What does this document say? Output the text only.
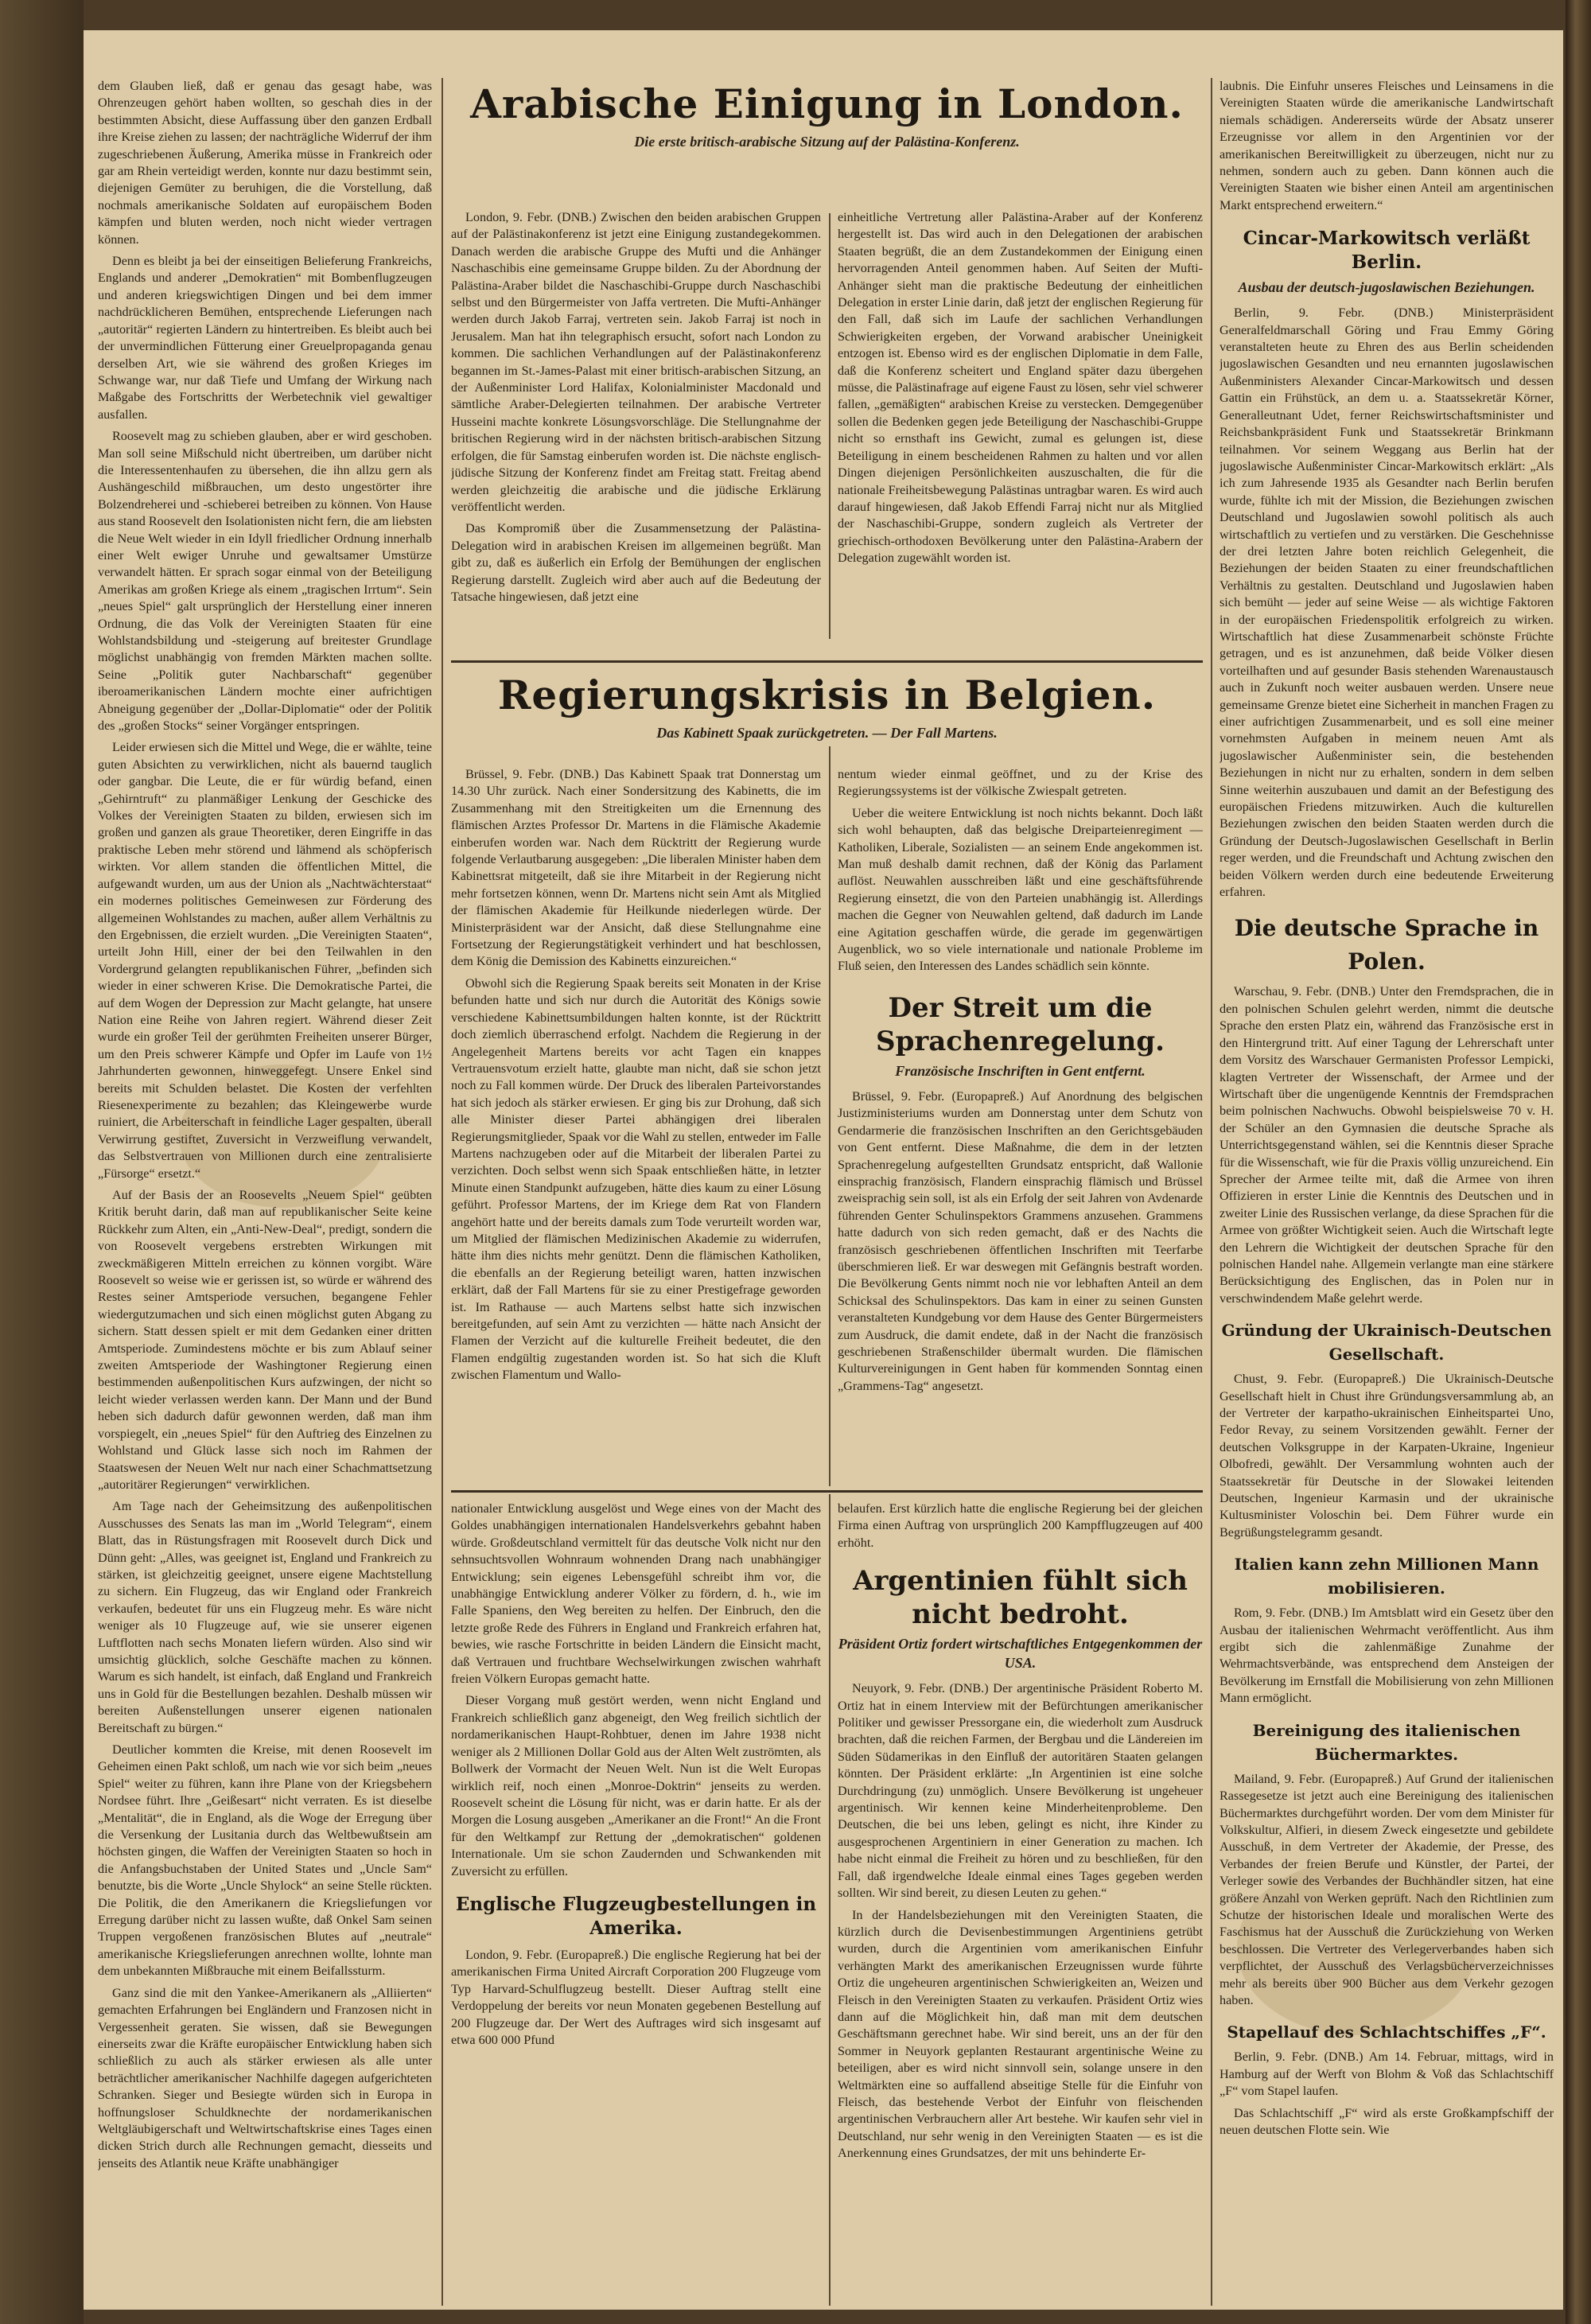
dem Glauben ließ, daß er genau das gesagt habe, was Ohrenzeugen gehört haben wollten, so geschah dies in der bestimmten Absicht, diese Auffassung über den ganzen Erdball ihre Kreise ziehen zu lassen; der nachträgliche Widerruf der ihm zugeschriebenen Äußerung, Amerika müsse in Frankreich oder gar am Rhein verteidigt werden, konnte nur dazu bestimmt sein, diejenigen Gemüter zu beruhigen, die die Vorstellung, daß nochmals amerikanische Soldaten auf europäischem Boden kämpfen und bluten werden, noch nicht wieder vertragen können.

Denn es bleibt ja bei der einseitigen Belieferung Frankreichs, Englands und anderer „Demokratien“ mit Bombenflugzeugen und anderen kriegswichtigen Dingen und bei dem immer nachdrücklicheren Bemühen, entsprechende Lieferungen nach „autoritär“ regierten Ländern zu hintertreiben. Es bleibt auch bei der unvermindlichen Fütterung einer Greuelpropaganda genau derselben Art, wie sie während des großen Krieges im Schwange war, nur daß Tiefe und Umfang der Wirkung nach Maßgabe des Fortschritts der Werbetechnik viel gewaltiger ausfallen.

Roosevelt mag zu schieben glauben, aber er wird geschoben. Man soll seine Mißschuld nicht übertreiben, um darüber nicht die Interessentenhaufen zu übersehen, die ihn allzu gern als Aushängeschild mißbrauchen, um desto ungestörter ihre Bolzendreherei und -schieberei betreiben zu können. Von Hause aus stand Roosevelt den Isolationisten nicht fern, die am liebsten die Neue Welt wieder in ein Idyll friedlicher Ordnung innerhalb einer Welt ewiger Unruhe und gewaltsamer Umstürze verwandelt hätten. Er sprach sogar einmal von der Beteiligung Amerikas am großen Kriege als einem „tragischen Irrtum“. Sein „neues Spiel“ galt ursprünglich der Herstellung einer inneren Ordnung, die das Volk der Vereinigten Staaten für eine Wohlstandsbildung und -steigerung auf breitester Grundlage möglichst unabhängig von fremden Märkten machen sollte. Seine „Politik guter Nachbarschaft“ gegenüber iberoamerikanischen Ländern mochte einer aufrichtigen Abneigung gegenüber der „Dollar-Diplomatie“ oder der Politik des „großen Stocks“ seiner Vorgänger entspringen.

Leider erwiesen sich die Mittel und Wege, die er wählte, teine guten Absichten zu verwirklichen, nicht als bauernd tauglich oder gangbar. Die Leute, die er für würdig befand, einen „Gehirntruft“ zu planmäßiger Lenkung der Geschicke des Volkes der Vereinigten Staaten zu bilden, erwiesen sich im großen und ganzen als graue Theoretiker, deren Eingriffe in das praktische Leben mehr störend und lähmend als schöpferisch wirkten. Vor allem standen die öffentlichen Mittel, die aufgewandt wurden, um aus der Union als „Nachtwächterstaat“ ein modernes politisches Gemeinwesen zur Förderung des allgemeinen Wohlstandes zu machen, außer allem Verhältnis zu den Ergebnissen, die erzielt wurden. „Die Vereinigten Staaten“, urteilt John Hill, einer der bei den Teilwahlen in den Vordergrund gelangten republikanischen Führer, „befinden sich wieder in einer schweren Krise. Die Demokratische Partei, die auf dem Wogen der Depression zur Macht gelangte, hat unsere Nation eine Reihe von Jahren regiert. Während dieser Zeit wurde ein großer Teil der gerühmten Freiheiten unserer Bürger, um den Preis schwerer Kämpfe und Opfer im Laufe von 1½ Jahrhunderten gewonnen, hinweggefegt. Unsere Enkel sind bereits mit Schulden belastet. Die Kosten der verfehlten Riesenexperimente zu bezahlen; das Kleingewerbe wurde ruiniert, die Arbeiterschaft in feindliche Lager gespalten, überall Verwirrung gestiftet, Zuversicht in Verzweiflung verwandelt, das Selbstvertrauen von Millionen durch eine zentralisierte „Fürsorge“ ersetzt.“

Auf der Basis der an Roosevelts „Neuem Spiel“ geübten Kritik beruht darin, daß man auf republikanischer Seite keine Rückkehr zum Alten, ein „Anti-New-Deal“, predigt, sondern die von Roosevelt vergebens erstrebten Wirkungen mit zweckmäßigeren Mitteln erreichen zu können vorgibt. Wäre Roosevelt so weise wie er gerissen ist, so würde er während des Restes seiner Amtsperiode versuchen, begangene Fehler wiedergutzumachen und sich einen möglichst guten Abgang zu sichern. Statt dessen spielt er mit dem Gedanken einer dritten Amtsperiode. Zumindestens möchte er bis zum Ablauf seiner zweiten Amtsperiode der Washingtoner Regierung einen bestimmenden außenpolitischen Kurs aufzwingen, der nicht so leicht wieder verlassen werden kann. Der Mann und der Bund heben sich dadurch dafür gewonnen werden, daß man ihm vorspiegelt, ein „neues Spiel“ für den Auftrieg des Einzelnen zu Wohlstand und Glück lasse sich noch im Rahmen der Staatswesen der Neuen Welt nur nach einer Schachmattsetzung „autoritärer Regierungen“ verwirklichen.

Am Tage nach der Geheimsitzung des außenpolitischen Ausschusses des Senats las man im „World Telegram“, einem Blatt, das in Rüstungsfragen mit Roosevelt durch Dick und Dünn geht: „Alles, was geeignet ist, England und Frankreich zu stärken, ist gleichzeitig geeignet, unsere eigene Machtstellung zu sichern. Ein Flugzeug, das wir England oder Frankreich verkaufen, bedeutet für uns ein Flugzeug mehr. Es wäre nicht weniger als 10 Flugzeuge auf, wie sie unserer eigenen Luftflotten nach sechs Monaten liefern würden. Also sind wir umsichtig glücklich, solche Geschäfte machen zu können. Warum es sich handelt, ist einfach, daß England und Frankreich uns in Gold für die Bestellungen bezahlen. Deshalb müssen wir bereiten Außenstellungen unserer eigenen nationalen Bereitschaft zu bürgen.“

Deutlicher kommten die Kreise, mit denen Roosevelt im Geheimen einen Pakt schloß, um nach wie vor sich beim „neues Spiel“ weiter zu führen, kann ihre Plane von der Kriegsbehern Nordsee führt. Ihre „Geißesart“ nicht verraten. Es ist dieselbe „Mentalität“, die in England, als die Woge der Erregung über die Versenkung der Lusitania durch das Weltbewußtsein am höchsten gingen, die Waffen der Vereinigten Staaten so hoch in die Anfangsbuchstaben der United States und „Uncle Sam“ benutzte, bis die Worte „Uncle Shylock“ an seine Stelle rückten. Die Politik, die den Amerikanern die Kriegsliefungen vor Erregung darüber nicht zu lassen wußte, daß Onkel Sam seinen Truppen vergoßenen französischen Blutes auf „neutrale“ amerikanische Kriegslieferungen anrechnen wollte, lohnte man dem unbekannten Mißbrauche mit einem Beifallssturm.

Ganz sind die mit den Yankee-Amerikanern als „Alliierten“ gemachten Erfahrungen bei Engländern und Franzosen nicht in Vergessenheit geraten. Sie wissen, daß sie Bewegungen einerseits zwar die Kräfte europäischer Entwicklung haben sich schließlich zu auch als stärker erwiesen als alle unter beträchtlicher amerikanischer Nachhilfe dagegen aufgerichteten Schranken. Sieger und Besiegte würden sich in Europa in hoffnungsloser Schuldknechte der nordamerikanischen Weltgläubigerschaft und Weltwirtschaftskrise eines Tages einen dicken Strich durch alle Rechnungen gemacht, diesseits und jenseits des Atlantik neue Kräfte unabhängiger

Arabische Einigung in London.
Die erste britisch-arabische Sitzung auf der Palästina-Konferenz.

London, 9. Febr. (DNB.) Zwischen den beiden arabischen Gruppen auf der Palästinakonferenz ist jetzt eine Einigung zustandegekommen. Danach werden die arabische Gruppe des Mufti und die Anhänger Naschaschibis eine gemeinsame Gruppe bilden. Zu der Abordnung der Palästina-Araber bildet die Naschaschibi-Gruppe durch Naschaschibi selbst und den Bürgermeister von Jaffa vertreten. Die Mufti-Anhänger werden durch Jakob Farraj, vertreten sein. Jakob Farraj ist noch in Jerusalem. Man hat ihn telegraphisch ersucht, sofort nach London zu kommen. Die sachlichen Verhandlungen auf der Palästinakonferenz begannen im St.-James-Palast mit einer britisch-arabischen Sitzung, an der Außenminister Lord Halifax, Kolonialminister Macdonald und sämtliche Araber-Delegierten teilnahmen. Der arabische Vertreter Husseini machte konkrete Lösungsvorschläge. Die Stellungnahme der britischen Regierung wird in der nächsten britisch-arabischen Sitzung erfolgen, die für Samstag einberufen worden ist. Die nächste englisch-jüdische Sitzung der Konferenz findet am Freitag statt. Freitag abend werden gleichzeitig die arabische und die jüdische Erklärung veröffentlicht werden.

Das Kompromiß über die Zusammensetzung der Palästina-Delegation wird in arabischen Kreisen im allgemeinen begrüßt. Man gibt zu, daß es äußerlich ein Erfolg der Bemühungen der englischen Regierung darstellt. Zugleich wird aber auch auf die Bedeutung der Tatsache hingewiesen, daß jetzt eine

einheitliche Vertretung aller Palästina-Araber auf der Konferenz hergestellt ist. Das wird auch in den Delegationen der arabischen Staaten begrüßt, die an dem Zustandekommen der Einigung einen hervorragenden Anteil genommen haben. Auf Seiten der Mufti-Anhänger sieht man die praktische Bedeutung der einheitlichen Delegation in erster Linie darin, daß jetzt der englischen Regierung für den Fall, daß sich im Laufe der sachlichen Verhandlungen Schwierigkeiten ergeben, der Vorwand arabischer Uneinigkeit entzogen ist. Ebenso wird es der englischen Diplomatie in dem Falle, daß die Konferenz scheitert und England später dazu übergehen müsse, die Palästinafrage auf eigene Faust zu lösen, sehr viel schwerer fallen, „gemäßigten“ arabischen Kreise zu verstecken. Demgegenüber sollen die Bedenken gegen jede Beteiligung der Naschaschibi-Gruppe nicht so ernsthaft ins Gewicht, zumal es gelungen ist, diese Beteiligung in einem bescheidenen Rahmen zu halten und vor allen Dingen diejenigen Persönlichkeiten auszuschalten, die für die nationale Freiheitsbewegung Palästinas untragbar waren. Es wird auch darauf hingewiesen, daß Jakob Effendi Farraj nicht nur als Mitglied der Naschaschibi-Gruppe, sondern zugleich als Vertreter der griechisch-orthodoxen Bevölkerung unter den Palästina-Arabern der Delegation zugewählt worden ist.

Regierungskrisis in Belgien.
Das Kabinett Spaak zurückgetreten. — Der Fall Martens.

Brüssel, 9. Febr. (DNB.) Das Kabinett Spaak trat Donnerstag um 14.30 Uhr zurück. Nach einer Sondersitzung des Kabinetts, die im Zusammenhang mit den Streitigkeiten um die Ernennung des flämischen Arztes Professor Dr. Martens in die Flämische Akademie einberufen worden war. Nach dem Rücktritt der Regierung wurde folgende Verlautbarung ausgegeben: „Die liberalen Minister haben dem Kabinettsrat mitgeteilt, daß sie ihre Mitarbeit in der Regierung nicht mehr fortsetzen können, wenn Dr. Martens nicht sein Amt als Mitglied der flämischen Akademie für Heilkunde niederlegen würde. Der Ministerpräsident war der Ansicht, daß diese Stellungnahme eine Fortsetzung der Regierungstätigkeit verhindert und hat beschlossen, dem König die Demission des Kabinetts einzureichen.“

Obwohl sich die Regierung Spaak bereits seit Monaten in der Krise befunden hatte und sich nur durch die Autorität des Königs sowie verschiedene Kabinettsumbildungen halten konnte, ist der Rücktritt doch ziemlich überraschend erfolgt. Nachdem die Regierung in der Angelegenheit Martens bereits vor acht Tagen ein knappes Vertrauensvotum erzielt hatte, glaubte man nicht, daß sie schon jetzt noch zu Fall kommen würde. Der Druck des liberalen Parteivorstandes hat sich jedoch als stärker erwiesen. Er ging bis zur Drohung, daß sich alle Minister dieser Partei abhängigen drei liberalen Regierungsmitglieder, Spaak vor die Wahl zu stellen, entweder im Falle Martens nachzugeben oder auf die Mitarbeit der liberalen Partei zu verzichten. Doch selbst wenn sich Spaak entschließen hätte, in letzter Minute einen Standpunkt aufzugeben, hätte dies kaum zu einer Lösung geführt. Professor Martens, der im Kriege dem Rat von Flandern angehört hatte und der bereits damals zum Tode verurteilt worden war, um Mitglied der flämischen Medizinischen Akademie zu widerrufen, hätte ihm dies nichts mehr genützt. Denn die flämischen Katholiken, die ebenfalls an der Regierung beteiligt waren, hatten inzwischen erklärt, daß der Fall Martens für sie zu einer Prestigefrage geworden ist. Im Rathause — auch Martens selbst hatte sich inzwischen bereitgefunden, auf sein Amt zu verzichten — hätte nach Ansicht der Flamen der Verzicht auf die kulturelle Freiheit bedeutet, die den Flamen endgültig zugestanden worden ist. So hat sich die Kluft zwischen Flamentum und Wallo-

nentum wieder einmal geöffnet, und zu der Krise des Regierungssystems ist der völkische Zwiespalt getreten.

Ueber die weitere Entwicklung ist noch nichts bekannt. Doch läßt sich wohl behaupten, daß das belgische Dreiparteienregiment — Katholiken, Liberale, Sozialisten — an seinem Ende angekommen ist. Man muß deshalb damit rechnen, daß der König das Parlament auflöst. Neuwahlen ausschreiben läßt und eine geschäftsführende Regierung einsetzt, die von den Parteien unabhängig ist. Allerdings machen die Gegner von Neuwahlen geltend, daß dadurch im Lande eine Agitation geschaffen würde, die gerade im gegenwärtigen Augenblick, wo so viele internationale und nationale Probleme im Fluß seien, den Interessen des Landes schädlich sein könnte.

Der Streit um die Sprachenregelung.
Französische Inschriften in Gent entfernt.

Brüssel, 9. Febr. (Europapreß.) Auf Anordnung des belgischen Justizministeriums wurden am Donnerstag unter dem Schutz von Gendarmerie die französischen Inschriften an den Gerichtsgebäuden von Gent entfernt. Diese Maßnahme, die dem in der letzten Sprachenregelung aufgestellten Grundsatz entspricht, daß Wallonie einsprachig französisch, Flandern einsprachig flämisch und Brüssel zweisprachig sein soll, ist als ein Erfolg der seit Jahren von Avdenarde führenden Genter Schulinspektors Grammens anzusehen. Grammens hatte dadurch von sich reden gemacht, daß er des Nachts die französisch geschriebenen öffentlichen Inschriften mit Teerfarbe überschmieren ließ. Er war deswegen mit Gefängnis bestraft worden. Die Bevölkerung Gents nimmt noch nie vor lebhaften Anteil an dem Schicksal des Schulinspektors. Das kam in einer zu seinen Gunsten veranstalteten Kundgebung vor dem Hause des Genter Bürgermeisters zum Ausdruck, die damit endete, daß in der Nacht die französisch geschriebenen Straßenschilder übermalt wurden. Die flämischen Kulturvereinigungen in Gent haben für kommenden Sonntag einen „Grammens-Tag“ angesetzt.

nationaler Entwicklung ausgelöst und Wege eines von der Macht des Goldes unabhängigen internationalen Handelsverkehrs gebahnt haben würde. Großdeutschland vermittelt für das deutsche Volk nicht nur den sehnsuchtsvollen Wohnraum wohnenden Drang nach unabhängiger Entwicklung; sein eigenes Lebensgefühl schreibt ihm vor, die unabhängige Entwicklung anderer Völker zu fördern, d. h., wie im Falle Spaniens, den Weg bereiten zu helfen. Der Einbruch, den die letzte große Rede des Führers in England und Frankreich erfahren hat, bewies, wie rasche Fortschritte in beiden Ländern die Einsicht macht, daß Vertrauen und fruchtbare Wechselwirkungen zwischen wahrhaft freien Völkern Europas gemacht hatte.

Dieser Vorgang muß gestört werden, wenn nicht England und Frankreich schließlich ganz abgeneigt, den Weg freilich sichtlich der nordamerikanischen Haupt-Rohbtuer, denen im Jahre 1938 nicht weniger als 2 Millionen Dollar Gold aus der Alten Welt zuströmten, als Bollwerk der Vormacht der Neuen Welt. Nun ist die Welt Europas wirklich reif, noch einen „Monroe-Doktrin“ jenseits zu werden. Roosevelt scheint die Lösung für nicht, was er darin hatte. Er als der Morgen die Losung ausgeben „Amerikaner an die Front!“ An die Front für den Weltkampf zur Rettung der „demokratischen“ goldenen Internationale. Um sie schon Zaudernden und Schwankenden mit Zuversicht zu erfüllen.

Englische Flugzeugbestellungen in Amerika.

London, 9. Febr. (Europapreß.) Die englische Regierung hat bei der amerikanischen Firma United Aircraft Corporation 200 Flugzeuge vom Typ Harvard-Schulflugzeug bestellt. Dieser Auftrag stellt eine Verdoppelung der bereits vor neun Monaten gegebenen Bestellung auf 200 Flugzeuge dar. Der Wert des Auftrages wird sich insgesamt auf etwa 600 000 Pfund

belaufen. Erst kürzlich hatte die englische Regierung bei der gleichen Firma einen Auftrag von ursprünglich 200 Kampfflugzeugen auf 400 erhöht.

Argentinien fühlt sich nicht bedroht.
Präsident Ortiz fordert wirtschaftliches Entgegenkommen der USA.

Neuyork, 9. Febr. (DNB.) Der argentinische Präsident Roberto M. Ortiz hat in einem Interview mit der Befürchtungen amerikanischer Politiker und gewisser Pressorgane ein, die wiederholt zum Ausdruck brachten, daß die reichen Farmen, der Bergbau und die Ländereien im Süden Südamerikas in den Einfluß der autoritären Staaten gelangen könnten. Der Präsident erklärte: „In Argentinien ist eine solche Durchdringung (zu) unmöglich. Unsere Bevölkerung ist ungeheuer argentinisch. Wir kennen keine Minderheitenprobleme. Den Deutschen, die bei uns leben, gelingt es nicht, ihre Kinder zu ausgesprochenen Argentiniern in einer Generation zu machen. Ich habe nicht einmal die Freiheit zu hören und zu beschließen, für den Fall, daß irgendwelche Ideale einmal eines Tages gegeben werden sollten. Wir sind bereit, zu diesen Leuten zu gehen.“

In der Handelsbeziehungen mit den Vereinigten Staaten, die kürzlich durch die Devisenbestimmungen Argentiniens getrübt wurden, durch die Argentinien vom amerikanischen Einfuhr verhängten Markt des amerikanischen Erzeugnissen wurde führte Ortiz die ungeheuren argentinischen Schwierigkeiten an, Weizen und Fleisch in den Vereinigten Staaten zu verkaufen. Präsident Ortiz wies dann auf die Möglichkeit hin, daß man mit dem deutschen Geschäftsmann gerechnet habe. Wir sind bereit, uns an der für den Sommer in Neuyork geplanten Restaurant argentinische Weine zu beteiligen, aber es wird nicht sinnvoll sein, solange unsere in den Weltmärkten eine so auffallend abseitige Stelle für die Einfuhr von Fleisch, das bestehende Verbot der Einfuhr von fleischenden argentinischen Verbrauchern aller Art bestehe. Wir kaufen sehr viel in Deutschland, nur sehr wenig in den Vereinigten Staaten — es ist die Anerkennung eines Grundsatzes, der mit uns behinderte Er-

laubnis. Die Einfuhr unseres Fleisches und Leinsamens in die Vereinigten Staaten würde die amerikanische Landwirtschaft niemals schädigen. Andererseits würde der Absatz unserer Erzeugnisse vor allem in den Argentinien vor der amerikanischen Bereitwilligkeit zu überzeugen, nicht nur zu nehmen, sondern auch zu geben. Dann können auch die Vereinigten Staaten wie bisher einen Anteil am argentinischen Markt entsprechend erweitern.“

Cincar-Markowitsch verläßt Berlin.
Ausbau der deutsch-jugoslawischen Beziehungen.

Berlin, 9. Febr. (DNB.) Ministerpräsident Generalfeldmarschall Göring und Frau Emmy Göring veranstalteten heute zu Ehren des aus Berlin scheidenden jugoslawischen Gesandten und neu ernannten jugoslawischen Außenministers Alexander Cincar-Markowitsch und dessen Gattin ein Frühstück, an dem u. a. Staatssekretär Körner, Generalleutnant Udet, ferner Reichswirtschaftsminister und Reichsbankpräsident Funk und Staatssekretär Brinkmann teilnahmen. Vor seinem Weggang aus Berlin hat der jugoslawische Außenminister Cincar-Markowitsch erklärt: „Als ich zum Jahresende 1935 als Gesandter nach Berlin berufen wurde, fühlte ich mit der Mission, die Beziehungen zwischen Deutschland und Jugoslawien sowohl politisch als auch wirtschaftlich zu vertiefen und zu verstärken. Die Geschehnisse der drei letzten Jahre boten reichlich Gelegenheit, die Beziehungen der beiden Staaten zu einer freundschaftlichen Verhältnis zu gestalten. Deutschland und Jugoslawien haben sich bemüht — jeder auf seine Weise — als wichtige Faktoren in der europäischen Friedenspolitik erfolgreich zu wirken. Wirtschaftlich hat diese Zusammenarbeit schönste Früchte getragen, und es ist anzunehmen, daß beide Völker diesen vorteilhaften und auf gesunder Basis stehenden Warenaustausch auch in Zukunft noch weiter ausbauen werden. Unsere neue gemeinsame Grenze bietet eine Sicherheit in manchen Fragen zu einer aufrichtigen Zusammenarbeit, und es soll eine meiner vornehmsten Aufgaben in meinem neuen Amt als jugoslawischer Außenminister sein, die bestehenden Beziehungen in nicht nur zu erhalten, sondern in dem selben Sinne weiterhin auszubauen und damit an der Befestigung des europäischen Friedens mitzuwirken. Auch die kulturellen Beziehungen zwischen den beiden Staaten werden durch die Gründung der Deutsch-Jugoslawischen Gesellschaft in Berlin reger werden, und die Freundschaft und Achtung zwischen den beiden Völkern werden durch eine bedeutende Erweiterung erfahren.

Die deutsche Sprache in Polen.

Warschau, 9. Febr. (DNB.) Unter den Fremdsprachen, die in den polnischen Schulen gelehrt werden, nimmt die deutsche Sprache den ersten Platz ein, während das Französische erst in den Hintergrund tritt. Auf einer Tagung der Lehrerschaft unter dem Vorsitz des Warschauer Germanisten Professor Lempicki, klagten Vertreter der Wissenschaft, der Armee und der Wirtschaft über die ungenügende Kenntnis der Fremdsprachen beim polnischen Nachwuchs. Obwohl beispielsweise 70 v. H. der Schüler an den Gymnasien die deutsche Sprache als Unterrichtsgegenstand wählen, sei die Kenntnis dieser Sprache für die Wissenschaft, wie für die Praxis völlig unzureichend. Ein Sprecher der Armee teilte mit, daß die Armee von ihren Offizieren in erster Linie die Kenntnis des Deutschen und in zweiter Linie des Russischen verlange, da diese Sprachen für die Armee von größter Wichtigkeit seien. Auch die Wirtschaft legte den Lehrern die Wichtigkeit der deutschen Sprache für den polnischen Handel nahe. Allgemein verlangte man eine stärkere Berücksichtigung des Englischen, das in Polen nur in verschwindendem Maße gelehrt werde.

Gründung der Ukrainisch-Deutschen Gesellschaft.

Chust, 9. Febr. (Europapreß.) Die Ukrainisch-Deutsche Gesellschaft hielt in Chust ihre Gründungsversammlung ab, an der Vertreter der karpatho-ukrainischen Einheitspartei Uno, Fedor Revay, zu seinem Vorsitzenden gewählt. Ferner der deutschen Volksgruppe in der Karpaten-Ukraine, Ingenieur Olbofredi, gewählt. Der Versammlung wohnten auch der Staatssekretär für Deutsche in der Slowakei leitenden Deutschen, Ingenieur Karmasin und der ukrainische Kultusminister Voloschin bei. Dem Führer wurde ein Begrüßungstelegramm gesandt.

Italien kann zehn Millionen Mann mobilisieren.

Rom, 9. Febr. (DNB.) Im Amtsblatt wird ein Gesetz über den Ausbau der italienischen Wehrmacht veröffentlicht. Aus ihm ergibt sich die zahlenmäßige Zunahme der Wehrmachtsverbände, was entsprechend dem Ansteigen der Bevölkerung im Ernstfall die Mobilisierung von zehn Millionen Mann ermöglicht.

Bereinigung des italienischen Büchermarktes.

Mailand, 9. Febr. (Europapreß.) Auf Grund der italienischen Rassegesetze ist jetzt auch eine Bereinigung des italienischen Büchermarktes durchgeführt worden. Der vom dem Minister für Volkskultur, Alfieri, in diesem Zweck eingesetzte und gebildete Ausschuß, in dem Vertreter der Akademie, der Presse, des Verbandes der freien Berufe und Künstler, der Partei, der Verleger sowie des Verbandes der Buchhändler sitzen, hat eine größere Anzahl von Werken geprüft. Nach den Richtlinien zum Schutze der historischen Ideale und moralischen Werte des Faschismus hat der Ausschuß die Zurückziehung von Werken beschlossen. Die Vertreter des Verlegerverbandes haben sich verpflichtet, der Ausschuß des Verlagsbücherverzeichnisses mehr als bereits über 900 Bücher aus dem Verkehr gezogen haben.

Stapellauf des Schlachtschiffes „F“.

Berlin, 9. Febr. (DNB.) Am 14. Februar, mittags, wird in Hamburg auf der Werft von Blohm & Voß das Schlachtschiff „F“ vom Stapel laufen.

Das Schlachtschiff „F“ wird als erste Großkampfschiff der neuen deutschen Flotte sein. Wie
